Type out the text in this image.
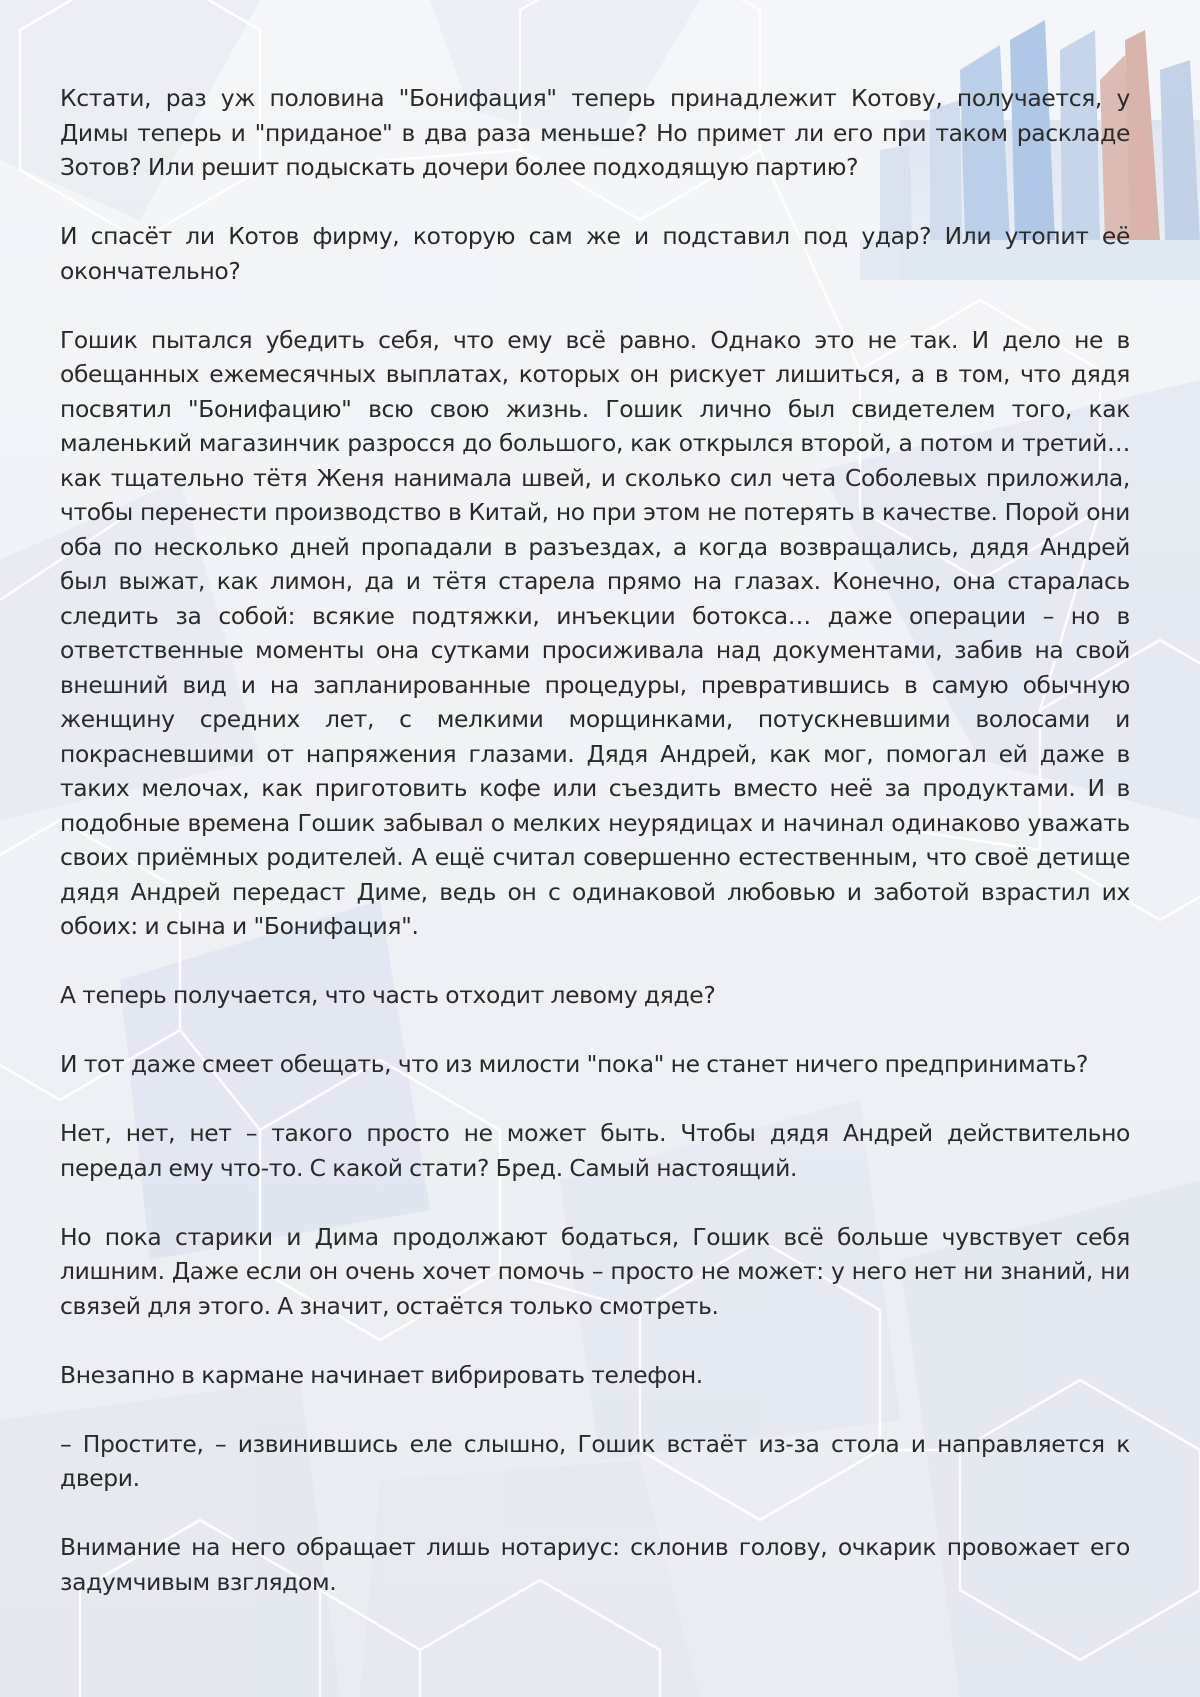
Кстати, раз уж половина "Бонифация" теперь принадлежит Котову, получается, у Димы теперь и "приданое" в два раза меньше? Но примет ли его при таком раскладе Зотов? Или решит подыскать дочери более подходящую партию?

И спасёт ли Котов фирму, которую сам же и подставил под удар? Или утопит её окончательно?

Гошик пытался убедить себя, что ему всё равно. Однако это не так. И дело не в обещанных ежемесячных выплатах, которых он рискует лишиться, а в том, что дядя посвятил "Бонифацию" всю свою жизнь. Гошик лично был свидетелем того, как маленький магазинчик разросся до большого, как открылся второй, а потом и третий… как тщательно тётя Женя нанимала швей, и сколько сил чета Соболевых приложила, чтобы перенести производство в Китай, но при этом не потерять в качестве. Порой они оба по несколько дней пропадали в разъездах, а когда возвращались, дядя Андрей был выжат, как лимон, да и тётя старела прямо на глазах. Конечно, она старалась следить за собой: всякие подтяжки, инъекции ботокса… даже операции – но в ответственные моменты она сутками просиживала над документами, забив на свой внешний вид и на запланированные процедуры, превратившись в самую обычную женщину средних лет, с мелкими морщинками, потускневшими волосами и покрасневшими от напряжения глазами. Дядя Андрей, как мог, помогал ей даже в таких мелочах, как приготовить кофе или съездить вместо неё за продуктами. И в подобные времена Гошик забывал о мелких неурядицах и начинал одинаково уважать своих приёмных родителей. А ещё считал совершенно естественным, что своё детище дядя Андрей передаст Диме, ведь он с одинаковой любовью и заботой взрастил их обоих: и сына и "Бонифация".

А теперь получается, что часть отходит левому дяде?

И тот даже смеет обещать, что из милости "пока" не станет ничего предпринимать?

Нет, нет, нет – такого просто не может быть. Чтобы дядя Андрей действительно передал ему что-то. С какой стати? Бред. Самый настоящий.

Но пока старики и Дима продолжают бодаться, Гошик всё больше чувствует себя лишним. Даже если он очень хочет помочь – просто не может: у него нет ни знаний, ни связей для этого. А значит, остаётся только смотреть.

Внезапно в кармане начинает вибрировать телефон.

– Простите, – извинившись еле слышно, Гошик встаёт из-за стола и направляется к двери.

Внимание на него обращает лишь нотариус: склонив голову, очкарик провожает его задумчивым взглядом.
